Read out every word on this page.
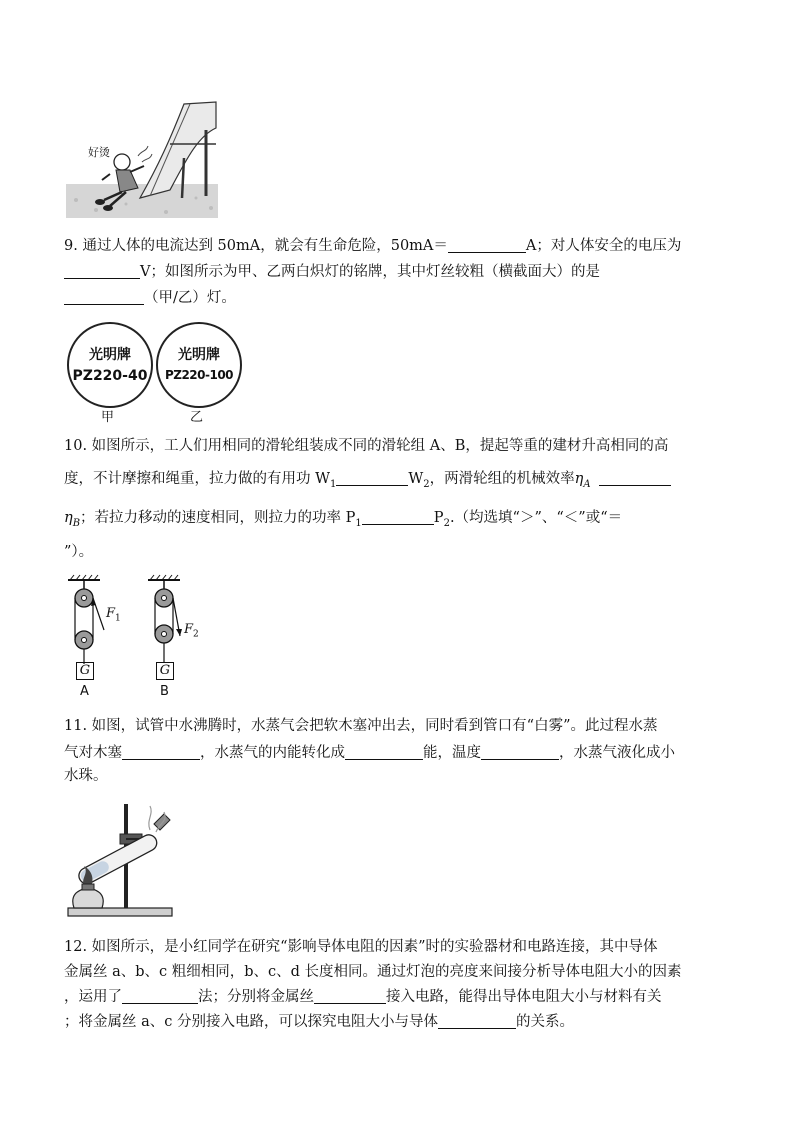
好烫
9. 通过人体的电流达到 50mA，就会有生命危险，50mA＝	A；对人体安全的电压为
V；如图所示为甲、乙两白炽灯的铭牌，其中灯丝较粗（横截面大）的是
（甲/乙）灯。
光明牌
PZ220-40
甲
光明牌
PZ220-100
乙
10. 如图所示，工人们用相同的滑轮组装成不同的滑轮组 A、B，提起等重的建材升高相同的高
度，不计摩擦和绳重，拉力做的有用功 $W_1$	$W_2$，两滑轮组的机械效率$\eta_A$
$\eta_B$；若拉力移动的速度相同，则拉力的功率 $P_1$	$P_2$.（均选填“＞”、“＜”或“＝
”）。
G	G
$F_1$
$F_2$
A	B
11. 如图，试管中水沸腾时，水蒸气会把软木塞冲出去，同时看到管口有“白雾”。此过程水蒸
气对木塞	，水蒸气的内能转化成	能，温度	，水蒸气液化成小
水珠。
12. 如图所示，是小红同学在研究“影响导体电阻的因素”时的实验器材和电路连接，其中导体
金属丝 a、b、c 粗细相同，b、c、d 长度相同。通过灯泡的亮度来间接分析导体电阻大小的因素
，运用了	法；分别将金属丝	接入电路，能得出导体电阻大小与材料有关
；将金属丝 a、c 分别接入电路，可以探究电阻大小与导体	的关系。
